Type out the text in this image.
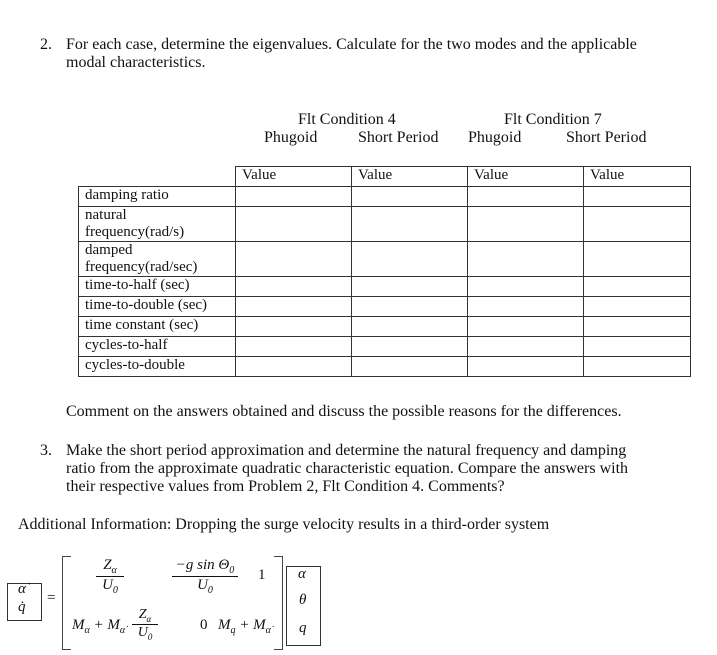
2. For each case, determine the eigenvalues. Calculate for the two modes and the applicable
modal characteristics.
Flt Condition 4	Flt Condition 7
Phugoid	Short Period Phugoid	Short Period
	Value	Value	Value	Value
damping ratio				

natural
frequency(rad/s)				

damped
frequency(rad/sec)				

time-to-half (sec)				
time-to-double (sec)				
time constant (sec)				
cycles-to-half				
cycles-to-double				
Comment on the answers obtained and discuss the possible reasons for the differences.
3. Make the short period approximation and determine the natural frequency and damping
ratio from the approximate quadratic characteristic equation. Compare the answers with
their respective values from Problem 2, Flt Condition 4. Comments?
Additional Information: Dropping the surge velocity results in a third-order system
α̇
q̇
=
$\frac{Z_\alpha}{U_0}$	$\frac{-g \sin \Theta_0}{U_0} 1$
$M_\alpha + M_{\alphȧ} \frac{Z_\alpha}{U_0}$	0 $M_q + M_{\alphȧ}$
α
θ
q
